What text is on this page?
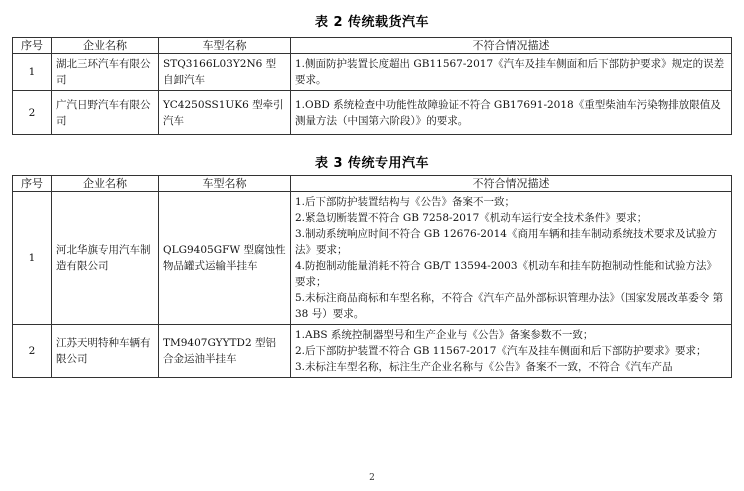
表 2 传统载货汽车
序号	企业名称	车型名称	不符合情况描述
1	湖北三环汽车有限公司	STQ3166L03Y2N6 型自卸汽车	1.侧面防护装置长度超出 GB11567-2017《汽车及挂车侧面和后下部防护要求》规定的误差要求。

2	广汽日野汽车有限公司	YC4250SS1UK6 型牵引汽车	1.OBD 系统检查中功能性故障验证不符合 GB17691-2018《重型柴油车污染物排放限值及测量方法（中国第六阶段）》的要求。
表 3 传统专用汽车
序号	企业名称	车型名称	不符合情况描述
1	河北华旗专用汽车制造有限公司	QLG9405GFW 型腐蚀性物品罐式运输半挂车	1.后下部防护装置结构与《公告》备案不一致；
2.紧急切断装置不符合 GB 7258-2017《机动车运行安全技术条件》要求；
3.制动系统响应时间不符合 GB 12676-2014《商用车辆和挂车制动系统技术要求及试验方法》要求；
4.防抱制动能量消耗不符合 GB/T 13594-2003《机动车和挂车防抱制动性能和试验方法》要求；
5.未标注商品商标和车型名称，不符合《汽车产品外部标识管理办法》（国家发展改革委令 第 38 号）要求。

2	江苏天明特种车辆有限公司	TM9407GYYTD2 型铝合金运油半挂车	1.ABS 系统控制器型号和生产企业与《公告》备案参数不一致；
2.后下部防护装置不符合 GB 11567-2017《汽车及挂车侧面和后下部防护要求》要求；
3.未标注车型名称，标注生产企业名称与《公告》备案不一致，不符合《汽车产品
2
